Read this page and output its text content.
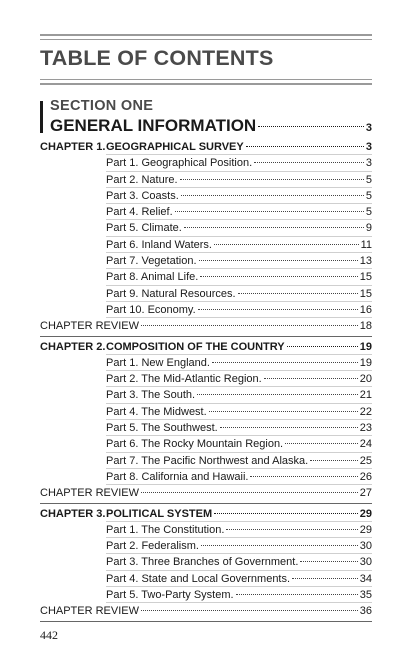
TABLE OF CONTENTS
SECTION ONE
GENERAL INFORMATION	3
CHAPTER 1. GEOGRAPHICAL SURVEY	3
Part 1. Geographical Position.	3
Part 2. Nature.	5
Part 3. Coasts.	5
Part 4. Relief.	5
Part 5. Climate.	9
Part 6. Inland Waters.	11
Part 7. Vegetation.	13
Part 8. Animal Life.	15
Part 9. Natural Resources.	15
Part 10. Economy.	16
CHAPTER REVIEW	18
CHAPTER 2. COMPOSITION OF THE COUNTRY	19
Part 1. New England.	19
Part 2. The Mid-Atlantic Region.	20
Part 3. The South.	21
Part 4. The Midwest.	22
Part 5. The Southwest.	23
Part 6. The Rocky Mountain Region.	24
Part 7. The Pacific Northwest and Alaska.	25
Part 8. California and Hawaii.	26
CHAPTER REVIEW	27
CHAPTER 3. POLITICAL SYSTEM	29
Part 1. The Constitution.	29
Part 2. Federalism.	30
Part 3. Three Branches of Government.	30
Part 4. State and Local Governments.	34
Part 5. Two-Party System.	35
CHAPTER REVIEW	36
442
